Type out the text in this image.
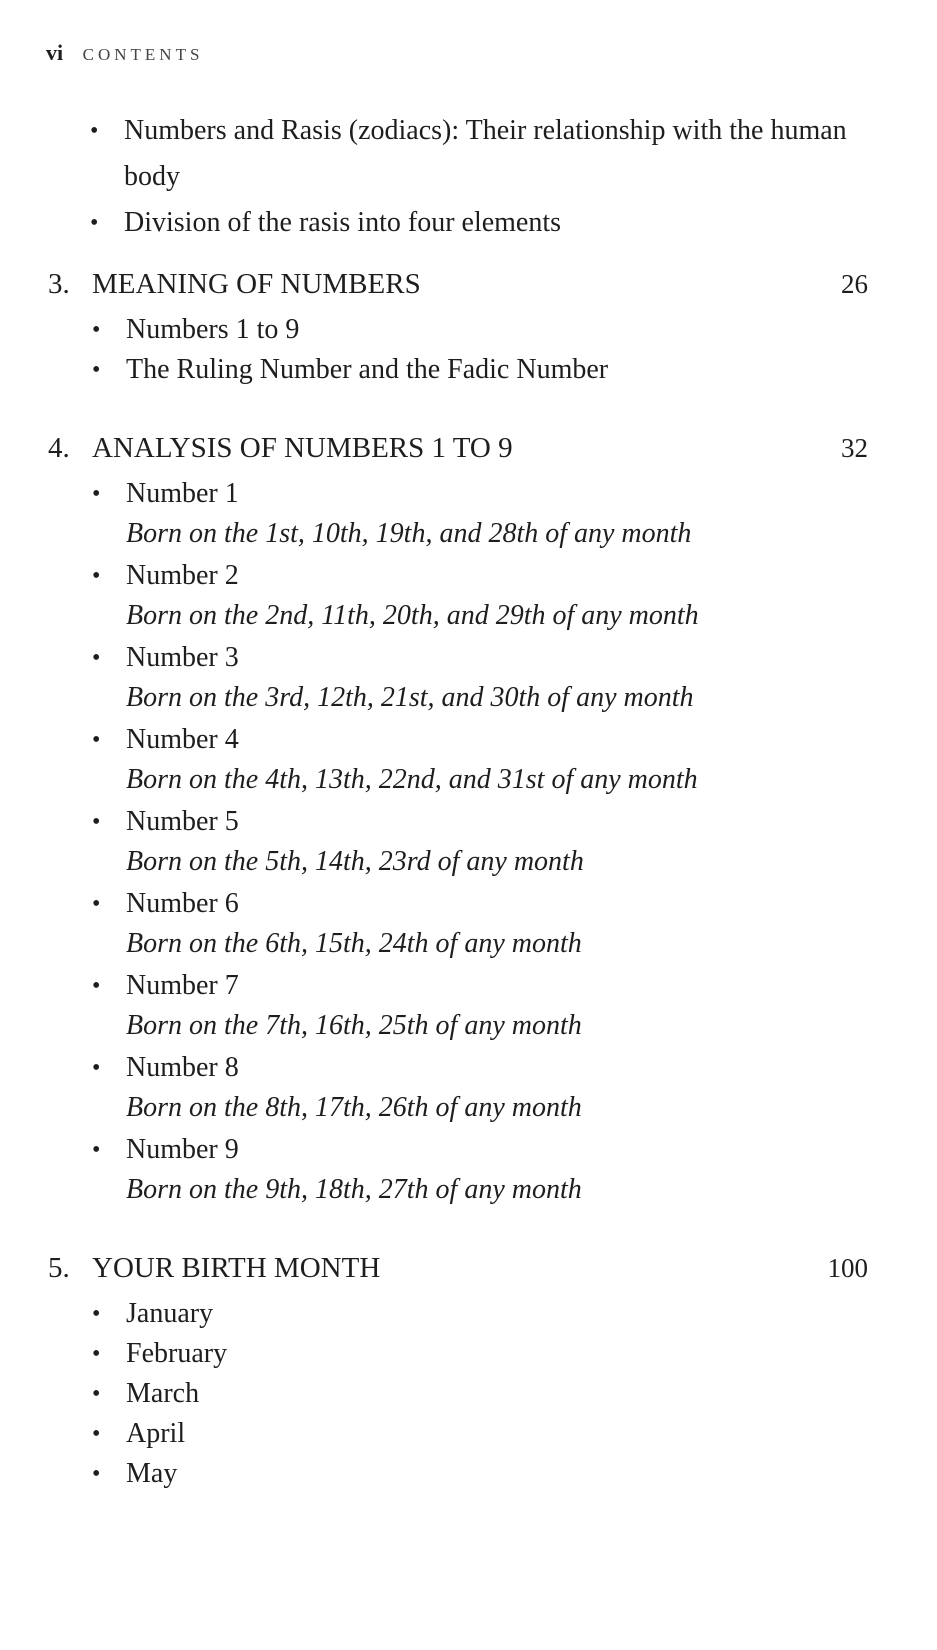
vi CONTENTS
• Numbers and Rasis (zodiacs): Their relationship with the human body
• Division of the rasis into four elements
3. MEANING OF NUMBERS	26
• Numbers 1 to 9
• The Ruling Number and the Fadic Number
4. ANALYSIS OF NUMBERS 1 TO 9	32
• Number 1
Born on the 1st, 10th, 19th, and 28th of any month
• Number 2
Born on the 2nd, 11th, 20th, and 29th of any month
• Number 3
Born on the 3rd, 12th, 21st, and 30th of any month
• Number 4
Born on the 4th, 13th, 22nd, and 31st of any month
• Number 5
Born on the 5th, 14th, 23rd of any month
• Number 6
Born on the 6th, 15th, 24th of any month
• Number 7
Born on the 7th, 16th, 25th of any month
• Number 8
Born on the 8th, 17th, 26th of any month
• Number 9
Born on the 9th, 18th, 27th of any month
5. YOUR BIRTH MONTH	100
• January
• February
• March
• April
• May
